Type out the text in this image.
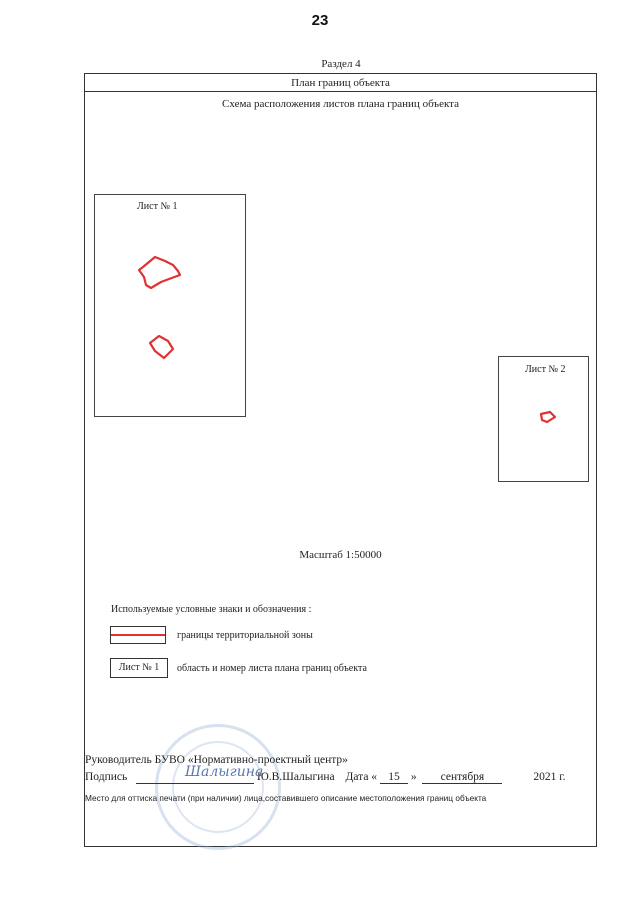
23
Раздел 4
План границ объекта
Схема расположения листов плана границ объекта
Лист № 1
Лист № 2
Масштаб 1:50000
Используемые условные знаки и обозначения :
границы территориальной зоны
Лист № 1	область и номер листа плана границ объекта
Руководитель БУВО «Нормативно-проектный центр»
Подпись	Ю.В.Шалыгина Дата « 15 » сентября	2021 г.
Шалыгина
Место для оттиска печати (при наличии) лица,составившего описание местоположения границ объекта
